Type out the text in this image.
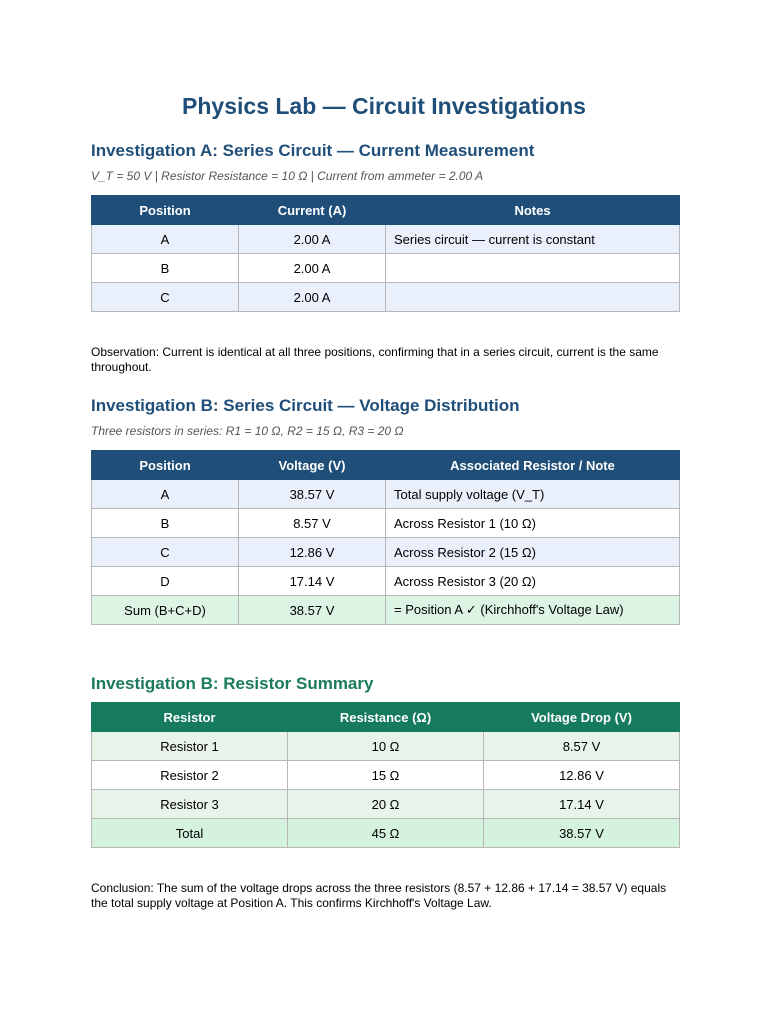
Physics Lab — Circuit Investigations
Investigation A: Series Circuit — Current Measurement
V_T = 50 V | Resistor Resistance = 10 Ω | Current from ammeter = 2.00 A
Position	Current (A)	Notes
A	2.00 A	Series circuit — current is constant
B	2.00 A	
C	2.00 A	
Observation: Current is identical at all three positions, confirming that in a series circuit, current is the same throughout.
Investigation B: Series Circuit — Voltage Distribution
Three resistors in series: R1 = 10 Ω, R2 = 15 Ω, R3 = 20 Ω
Position	Voltage (V)	Associated Resistor / Note
A	38.57 V	Total supply voltage (V_T)
B	8.57 V	Across Resistor 1 (10 Ω)
C	12.86 V	Across Resistor 2 (15 Ω)
D	17.14 V	Across Resistor 3 (20 Ω)
Sum (B+C+D)	38.57 V	= Position A ✓ (Kirchhoff's Voltage Law)
Investigation B: Resistor Summary
Resistor	Resistance (Ω)	Voltage Drop (V)
Resistor 1	10 Ω	8.57 V
Resistor 2	15 Ω	12.86 V
Resistor 3	20 Ω	17.14 V
Total	45 Ω	38.57 V
Conclusion: The sum of the voltage drops across the three resistors (8.57 + 12.86 + 17.14 = 38.57 V) equals the total supply voltage at Position A. This confirms Kirchhoff's Voltage Law.
